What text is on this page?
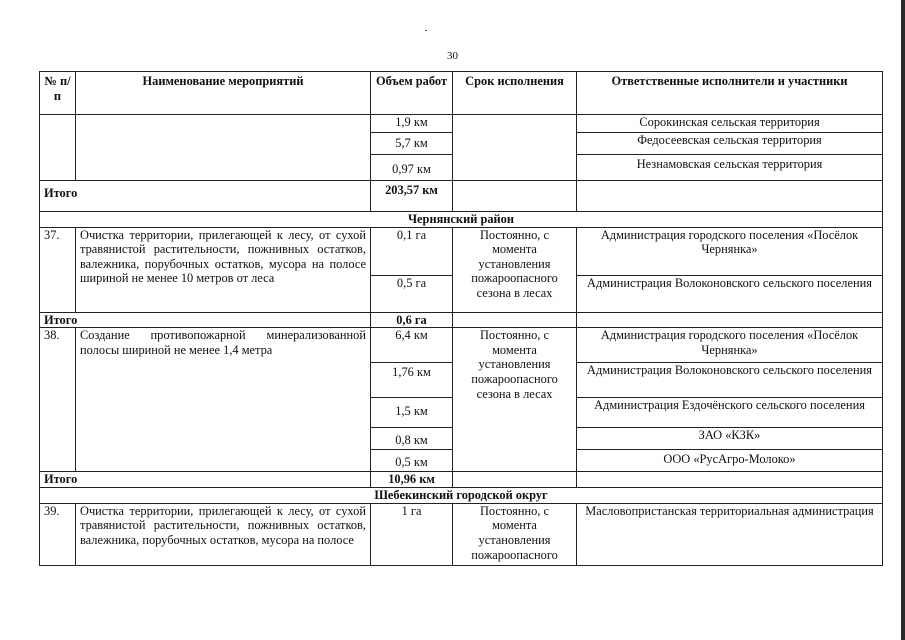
30
№ п/п	Наименование мероприятий	Объем работ	Срок исполнения	Ответственные исполнители и участники
		1,9 км		Сорокинская сельская территория
		5,7 км		Федосеевская сельская территория
		0,97 км		Незнамовская сельская территория
Итого		203,57 км		
Чернянский район				
37.	Очистка территории, прилегающей к лесу, от сухой травянистой растительности, пожнивных остатков, валежника, порубочных остатков, мусора на полосе шириной не менее 10 метров от леса	0,1 га	Постоянно, с момента установления пожароопасного сезона в лесах	Администрация городского поселения «Посёлок Чернянка»
		0,5 га		Администрация Волоконовского сельского поселения
Итого		0,6 га		
38.	Создание противопожарной минерализованной полосы шириной не менее 1,4 метра	6,4 км	Постоянно, с момента установления пожароопасного сезона в лесах	Администрация городского поселения «Посёлок Чернянка»
		1,76 км		Администрация Волоконовского сельского поселения
		1,5 км		Администрация Ездочёнского сельского поселения
		0,8 км		ЗАО «КЗК»
		0,5 км		ООО «РусАгро-Молоко»
Итого		10,96 км		
Шебекинский городской округ				
39.	Очистка территории, прилегающей к лесу, от сухой травянистой растительности, пожнивных остатков, валежника, порубочных остатков, мусора на полосе	1 га	Постоянно, с момента установления пожароопасного	Масловопристанская территориальная администрация
